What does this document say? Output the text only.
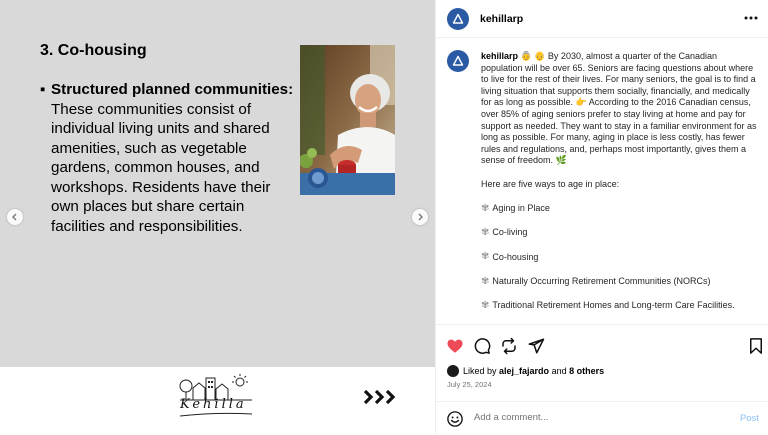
3. Co-housing
▪ Structured planned communities: These communities consist of individual living units and shared amenities, such as vegetable gardens, common houses, and workshops. Residents have their own places but share certain facilities and responsibilities.

Kehilla
kehillarp

kehillarp 👵 👴 By 2030, almost a quarter of the Canadian population will be over 65. Seniors are facing questions about where to live for the rest of their lives. For many seniors, the goal is to find a living situation that supports them socially, financially, and medically for as long as possible. 👉 According to the 2016 Canadian census, over 85% of aging seniors prefer to stay living at home and pay for support as needed. They want to stay in a familiar environment for as long as possible. For many, aging in place is less costly, has fewer rules and regulations, and, perhaps most importantly, gives them a sense of freedom. 🌿

Here are five ways to age in place:

✾ Aging in Place
✾ Co-living
✾ Co-housing
✾ Naturally Occurring Retirement Communities (NORCs)
✾ Traditional Retirement Homes and Long-term Care Facilities.
Liked by alej_fajardo and 8 others
July 25, 2024
Add a comment...
Post
